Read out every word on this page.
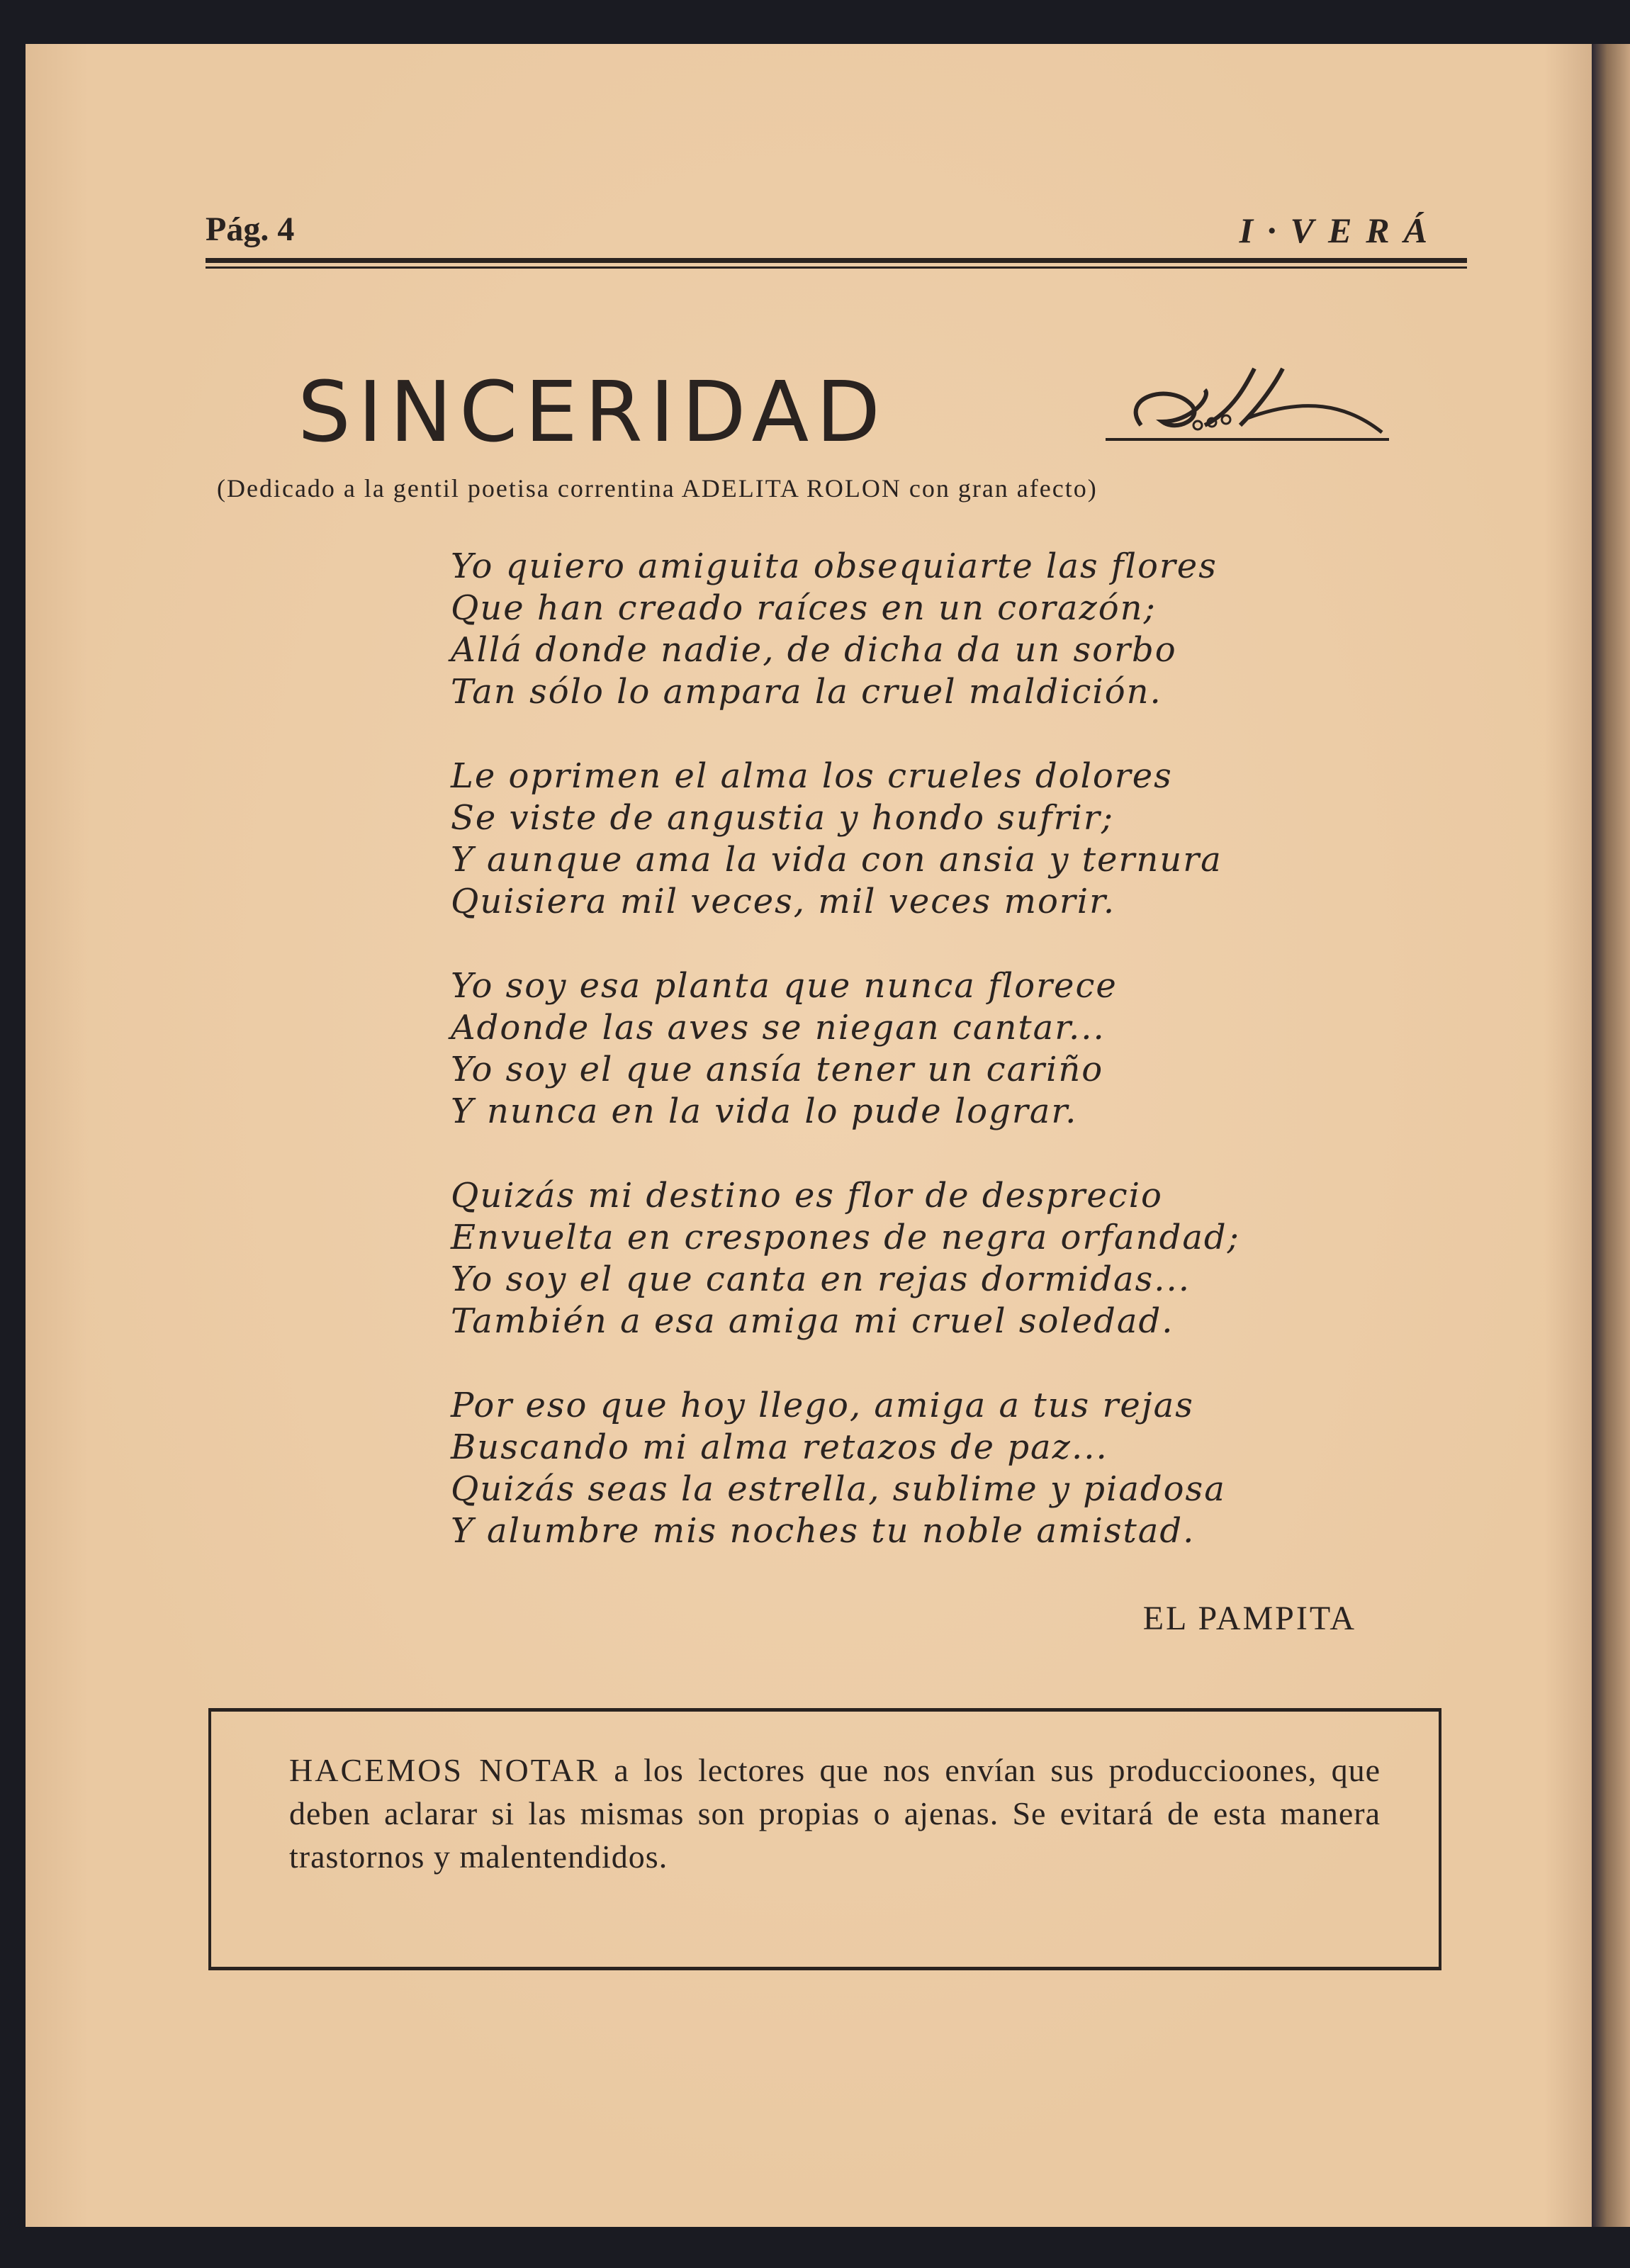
Pág. 4	I·VERÁ
SINCERIDAD
(Dedicado a la gentil poetisa correntina ADELITA ROLON con gran afecto)
Yo quiero amiguita obsequiarte las flores
Que han creado raíces en un corazón;
Allá donde nadie, de dicha da un sorbo
Tan sólo lo ampara la cruel maldición.
Le oprimen el alma los crueles dolores
Se viste de angustia y hondo sufrir;
Y aunque ama la vida con ansia y ternura
Quisiera mil veces, mil veces morir.
Yo soy esa planta que nunca florece
Adonde las aves se niegan cantar...
Yo soy el que ansía tener un cariño
Y nunca en la vida lo pude lograr.
Quizás mi destino es flor de desprecio
Envuelta en crespones de negra orfandad;
Yo soy el que canta en rejas dormidas...
También a esa amiga mi cruel soledad.
Por eso que hoy llego, amiga a tus rejas
Buscando mi alma retazos de paz...
Quizás seas la estrella, sublime y piadosa
Y alumbre mis noches tu noble amistad.
EL PAMPITA
HACEMOS NOTAR a los lectores que nos envían sus produccioones, que deben aclarar si las mismas son propias o ajenas. Se evitará de esta manera trastornos y malentendidos.
